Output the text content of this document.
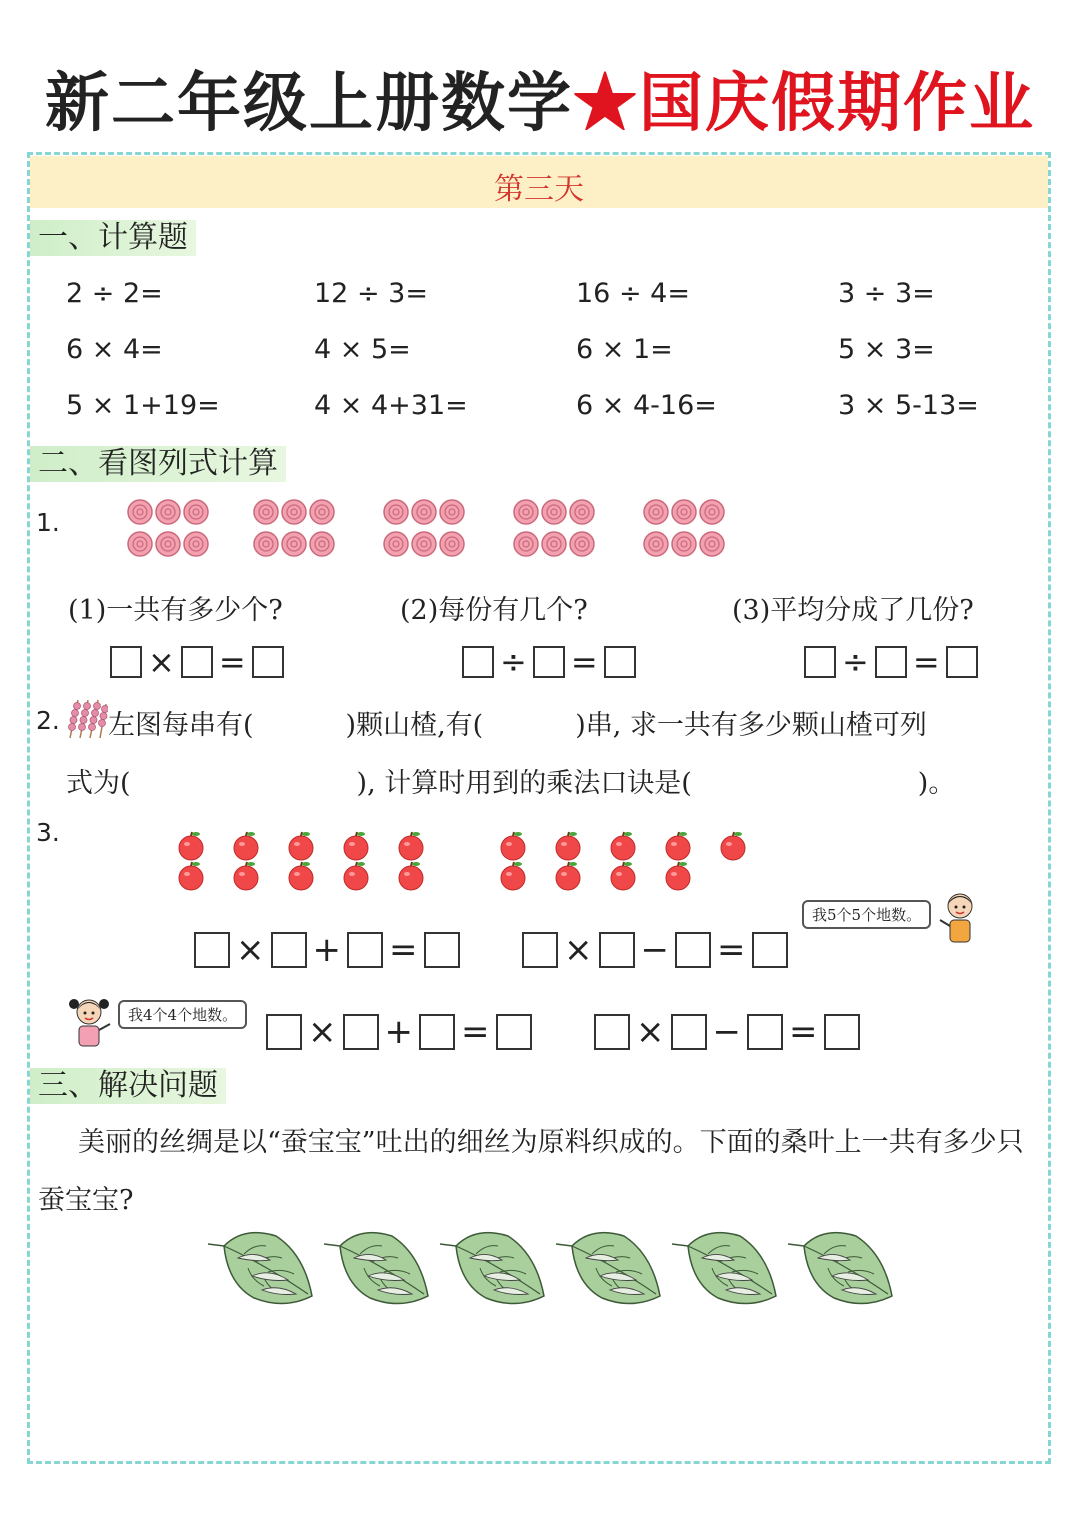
新二年级上册数学★国庆假期作业
第三天
一、计算题
2 ÷ 2=	12 ÷ 3=	16 ÷ 4=	3 ÷ 3=
6 × 4=	4 × 5=	6 × 1=	5 × 3=
5 × 1+19=	4 × 4+31=	6 × 4-16=	3 × 5-13=
二、看图列式计算
1.
(1)一共有多少个?	(2)每份有几个?	(3)平均分成了几份?
× =	÷ =	÷ =
2. 左图每串有(	)颗山楂,有(	)串, 求一共有多少颗山楂可列
式为(	), 计算时用到的乘法口诀是(	)。
3.
我5个5个地数。
× + =	× − =
我4个4个地数。 × + =	× − =
三、解决问题
美丽的丝绸是以“蚕宝宝”吐出的细丝为原料织成的。下面的桑叶上一共有多少只蚕宝宝?
